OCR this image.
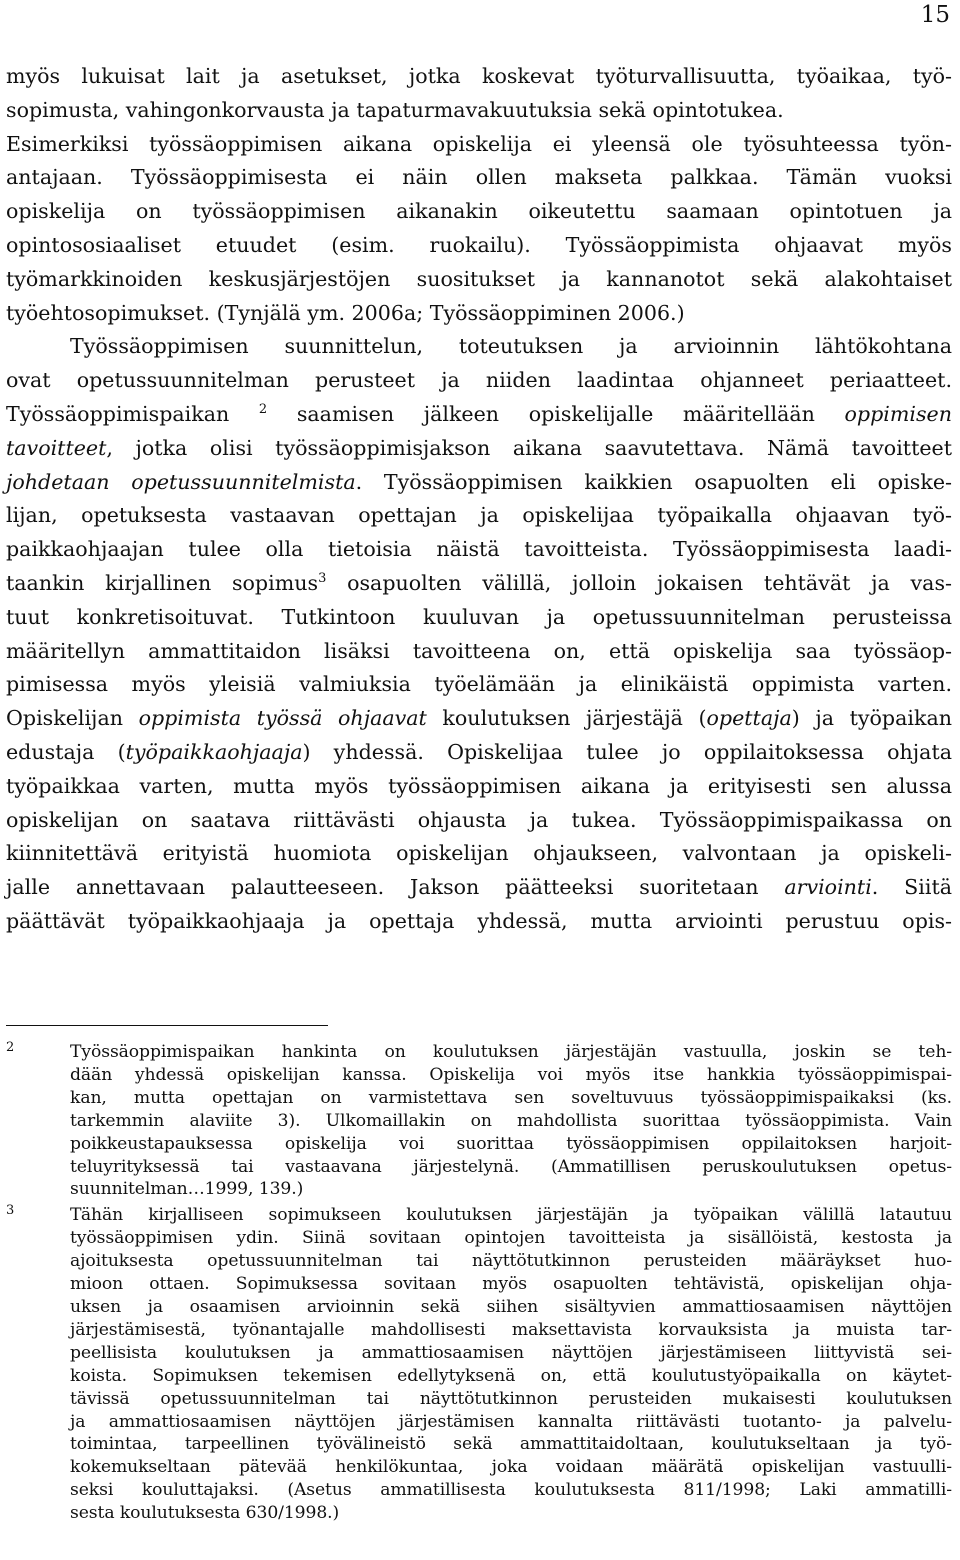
15
myös lukuisat lait ja asetukset, jotka koskevat työturvallisuutta, työaikaa, työ-
sopimusta, vahingonkorvausta ja tapaturmavakuutuksia sekä opintotukea.
Esimerkiksi työssäoppimisen aikana opiskelija ei yleensä ole työsuhteessa työn-
antajaan. Työssäoppimisesta ei näin ollen makseta palkkaa. Tämän vuoksi
opiskelija on työssäoppimisen aikanakin oikeutettu saamaan opintotuen ja
opintososiaaliset etuudet (esim. ruokailu). Työssäoppimista ohjaavat myös
työmarkkinoiden keskusjärjestöjen suositukset ja kannanotot sekä alakohtaiset
työehtosopimukset. (Tynjälä ym. 2006a; Työssäoppiminen 2006.)
Työssäoppimisen suunnittelun, toteutuksen ja arvioinnin lähtökohtana
ovat opetussuunnitelman perusteet ja niiden laadintaa ohjanneet periaatteet.
Työssäoppimispaikan $^2$ saamisen jälkeen opiskelijalle määritellään oppimisen
tavoitteet, jotka olisi työssäoppimisjakson aikana saavutettava. Nämä tavoitteet
johdetaan opetussuunnitelmista. Työssäoppimisen kaikkien osapuolten eli opiske-
lijan, opetuksesta vastaavan opettajan ja opiskelijaa työpaikalla ohjaavan työ-
paikkaohjaajan tulee olla tietoisia näistä tavoitteista. Työssäoppimisesta laadi-
taankin kirjallinen sopimus$^3$ osapuolten välillä, jolloin jokaisen tehtävät ja vas-
tuut konkretisoituvat. Tutkintoon kuuluvan ja opetussuunnitelman perusteissa
määritellyn ammattitaidon lisäksi tavoitteena on, että opiskelija saa työssäop-
pimisessa myös yleisiä valmiuksia työelämään ja elinikäistä oppimista varten.
Opiskelijan oppimista työssä ohjaavat koulutuksen järjestäjä (opettaja) ja työpaikan
edustaja (työpaikkaohjaaja) yhdessä. Opiskelijaa tulee jo oppilaitoksessa ohjata
työpaikkaa varten, mutta myös työssäoppimisen aikana ja erityisesti sen alussa
opiskelijan on saatava riittävästi ohjausta ja tukea. Työssäoppimispaikassa on
kiinnitettävä erityistä huomiota opiskelijan ohjaukseen, valvontaan ja opiskeli-
jalle annettavaan palautteeseen. Jakson päätteeksi suoritetaan arviointi. Siitä
päättävät työpaikkaohjaaja ja opettaja yhdessä, mutta arviointi perustuu opis-
2	Työssäoppimispaikan hankinta on koulutuksen järjestäjän vastuulla, joskin se teh-
dään yhdessä opiskelijan kanssa. Opiskelija voi myös itse hankkia työssäoppimispai-
kan, mutta opettajan on varmistettava sen soveltuvuus työssäoppimispaikaksi (ks.
tarkemmin alaviite 3). Ulkomaillakin on mahdollista suorittaa työssäoppimista. Vain
poikkeustapauksessa opiskelija voi suorittaa työssäoppimisen oppilaitoksen harjoit-
teluyrityksessä tai vastaavana järjestelynä. (Ammatillisen peruskoulutuksen opetus-
suunnitelman…1999, 139.)
3	Tähän kirjalliseen sopimukseen koulutuksen järjestäjän ja työpaikan välillä latautuu
työssäoppimisen ydin. Siinä sovitaan opintojen tavoitteista ja sisällöistä, kestosta ja
ajoituksesta opetussuunnitelman tai näyttötutkinnon perusteiden määräykset huo-
mioon ottaen. Sopimuksessa sovitaan myös osapuolten tehtävistä, opiskelijan ohja-
uksen ja osaamisen arvioinnin sekä siihen sisältyvien ammattiosaamisen näyttöjen
järjestämisestä, työnantajalle mahdollisesti maksettavista korvauksista ja muista tar-
peellisista koulutuksen ja ammattiosaamisen näyttöjen järjestämiseen liittyvistä sei-
koista. Sopimuksen tekemisen edellytyksenä on, että koulutustyöpaikalla on käytet-
tävissä opetussuunnitelman tai näyttötutkinnon perusteiden mukaisesti koulutuksen
ja ammattiosaamisen näyttöjen järjestämisen kannalta riittävästi tuotanto- ja palvelu-
toimintaa, tarpeellinen työvälineistö sekä ammattitaidoltaan, koulutukseltaan ja työ-
kokemukseltaan pätevää henkilökuntaa, joka voidaan määrätä opiskelijan vastuulli-
seksi kouluttajaksi. (Asetus ammatillisesta koulutuksesta 811/1998; Laki ammatilli-
sesta koulutuksesta 630/1998.)
